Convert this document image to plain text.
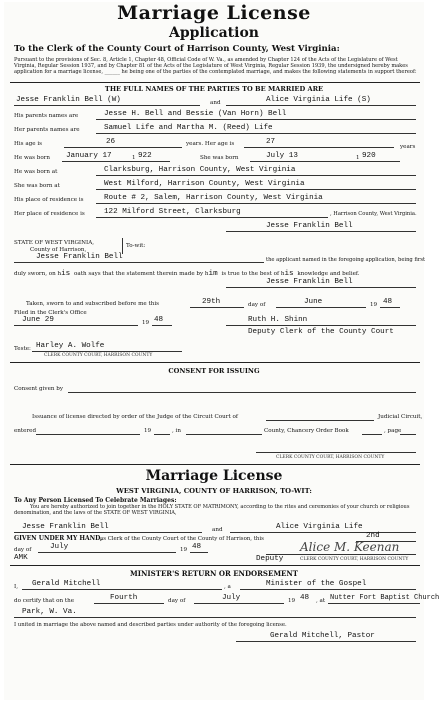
Marriage License
Application
To the Clerk of the County Court of Harrison County, West Virginia:
Pursuant to the provisions of Sec. 8, Article 1, Chapter 48, Official Code of W. Va., as amended by Chapter 124 of the Acts of the Legislature of West Virginia, Regular Session 1937, and by Chapter 81 of the Acts of the Legislature of West Virginia, Regular Session 1939, the undersigned hereby makes application for a marriage license, ______ he being one of the parties of the contemplated marriage, and makes the following statements in support thereof:
THE FULL NAMES OF THE PARTIES TO BE MARRIED ARE
Jesse Franklin Bell (W)	and	Alice Virginia Life (S)
His parents names are	Jesse H. Bell and Bessie (Van Horn) Bell
Her parents names are	Samuel Life and Martha M. (Reed) Life
His age is	26	years. Her age is	27
years
He was born January 17	1 922	She was born	July 13	1 920
He was born at	Clarksburg, Harrison County, West Virginia
She was born at	West Milford, Harrison County, West Virginia
His place of residence is	Route # 2, Salem, Harrison County, West Virginia
Her place of residence is	122 Milford Street, Clarksburg	, Harrison County, West Virginia.
Jesse Franklin Bell
STATE OF WEST VIRGINIA,
County of Harrison,
To-wit:
Jesse Franklin Bell	the applicant named in the foregoing application, being first
duly sworn, on his oath says that the statement therein made by him is true to the best of his knowledge and belief.
Jesse Franklin Bell
Taken, sworn to and subscribed before me this	29th	day of	June	19 48
Filed in the Clerk's Office
June 29	19 48	Ruth H. Shinn
Deputy Clerk of the County Court
Teste: Harley A. Wolfe
CLERK COUNTY COURT, HARRISON COUNTY
CONSENT FOR ISSUING
Consent given by
Issuance of license directed by order of the Judge of the Circuit Court of	Judicial Circuit,
entered	19	, in	County, Chancery Order Book	, page
CLERK COUNTY COURT, HARRISON COUNTY
Marriage License
WEST VIRGINIA, COUNTY OF HARRISON, TO-WIT:
To Any Person Licensed To Celebrate Marriages:
You are hereby authorized to join together in the HOLY STATE OF MATRIMONY, according to the rites and ceremonies of your church or religious denomination, and the laws of the STATE OF WEST VIRGINIA,
Jesse Franklin Bell	and	Alice Virginia Life
GIVEN UNDER MY HAND,
as Clerk of the County Court of the County of Harrison, this	2nd
day of July	19 48	Alice M. Keenan
AMK	Deputy	CLERK COUNTY COURT, HARRISON COUNTY
MINISTER'S RETURN OR ENDORSEMENT
I, Gerald Mitchell	, a	Minister of the Gospel
do certify that on the	Fourth	day of	July	19 48 , at Nutter Fort Baptist Church
Park, W. Va.
I united in marriage the above named and described parties under authority of the foregoing license.
Gerald Mitchell, Pastor
